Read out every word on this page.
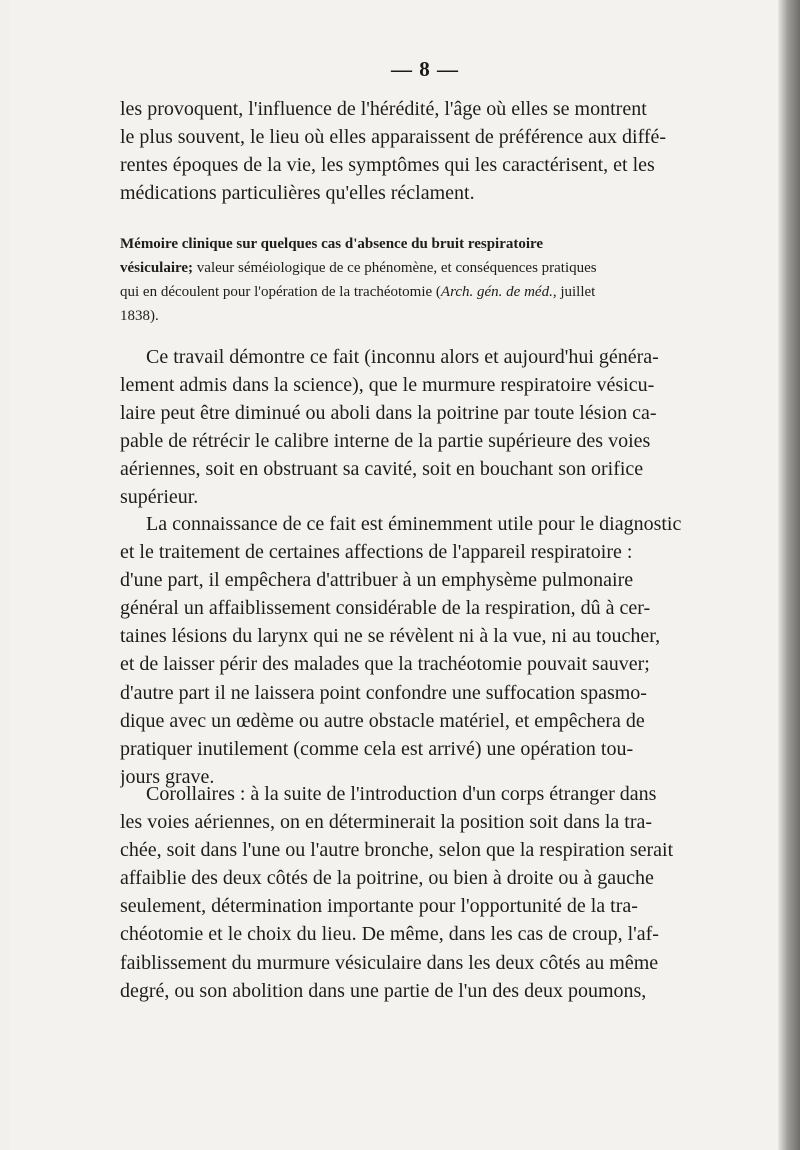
— 8 —
les provoquent, l'influence de l'hérédité, l'âge où elles se montrent
le plus souvent, le lieu où elles apparaissent de préférence aux diffé-
rentes époques de la vie, les symptômes qui les caractérisent, et les
médications particulières qu'elles réclament.
Mémoire clinique sur quelques cas d'absence du bruit respiratoire
vésiculaire; valeur séméiologique de ce phénomène, et conséquences pratiques
qui en découlent pour l'opération de la trachéotomie (Arch. gén. de méd., juillet
1838).
Ce travail démontre ce fait (inconnu alors et aujourd'hui généra-
lement admis dans la science), que le murmure respiratoire vésicu-
laire peut être diminué ou aboli dans la poitrine par toute lésion ca-
pable de rétrécir le calibre interne de la partie supérieure des voies
aériennes, soit en obstruant sa cavité, soit en bouchant son orifice
supérieur.
La connaissance de ce fait est éminemment utile pour le diagnostic
et le traitement de certaines affections de l'appareil respiratoire :
d'une part, il empêchera d'attribuer à un emphysème pulmonaire
général un affaiblissement considérable de la respiration, dû à cer-
taines lésions du larynx qui ne se révèlent ni à la vue, ni au toucher,
et de laisser périr des malades que la trachéotomie pouvait sauver;
d'autre part il ne laissera point confondre une suffocation spasmo-
dique avec un œdème ou autre obstacle matériel, et empêchera de
pratiquer inutilement (comme cela est arrivé) une opération tou-
jours grave.
Corollaires : à la suite de l'introduction d'un corps étranger dans
les voies aériennes, on en déterminerait la position soit dans la tra-
chée, soit dans l'une ou l'autre bronche, selon que la respiration serait
affaiblie des deux côtés de la poitrine, ou bien à droite ou à gauche
seulement, détermination importante pour l'opportunité de la tra-
chéotomie et le choix du lieu. De même, dans les cas de croup, l'af-
faiblissement du murmure vésiculaire dans les deux côtés au même
degré, ou son abolition dans une partie de l'un des deux poumons,
